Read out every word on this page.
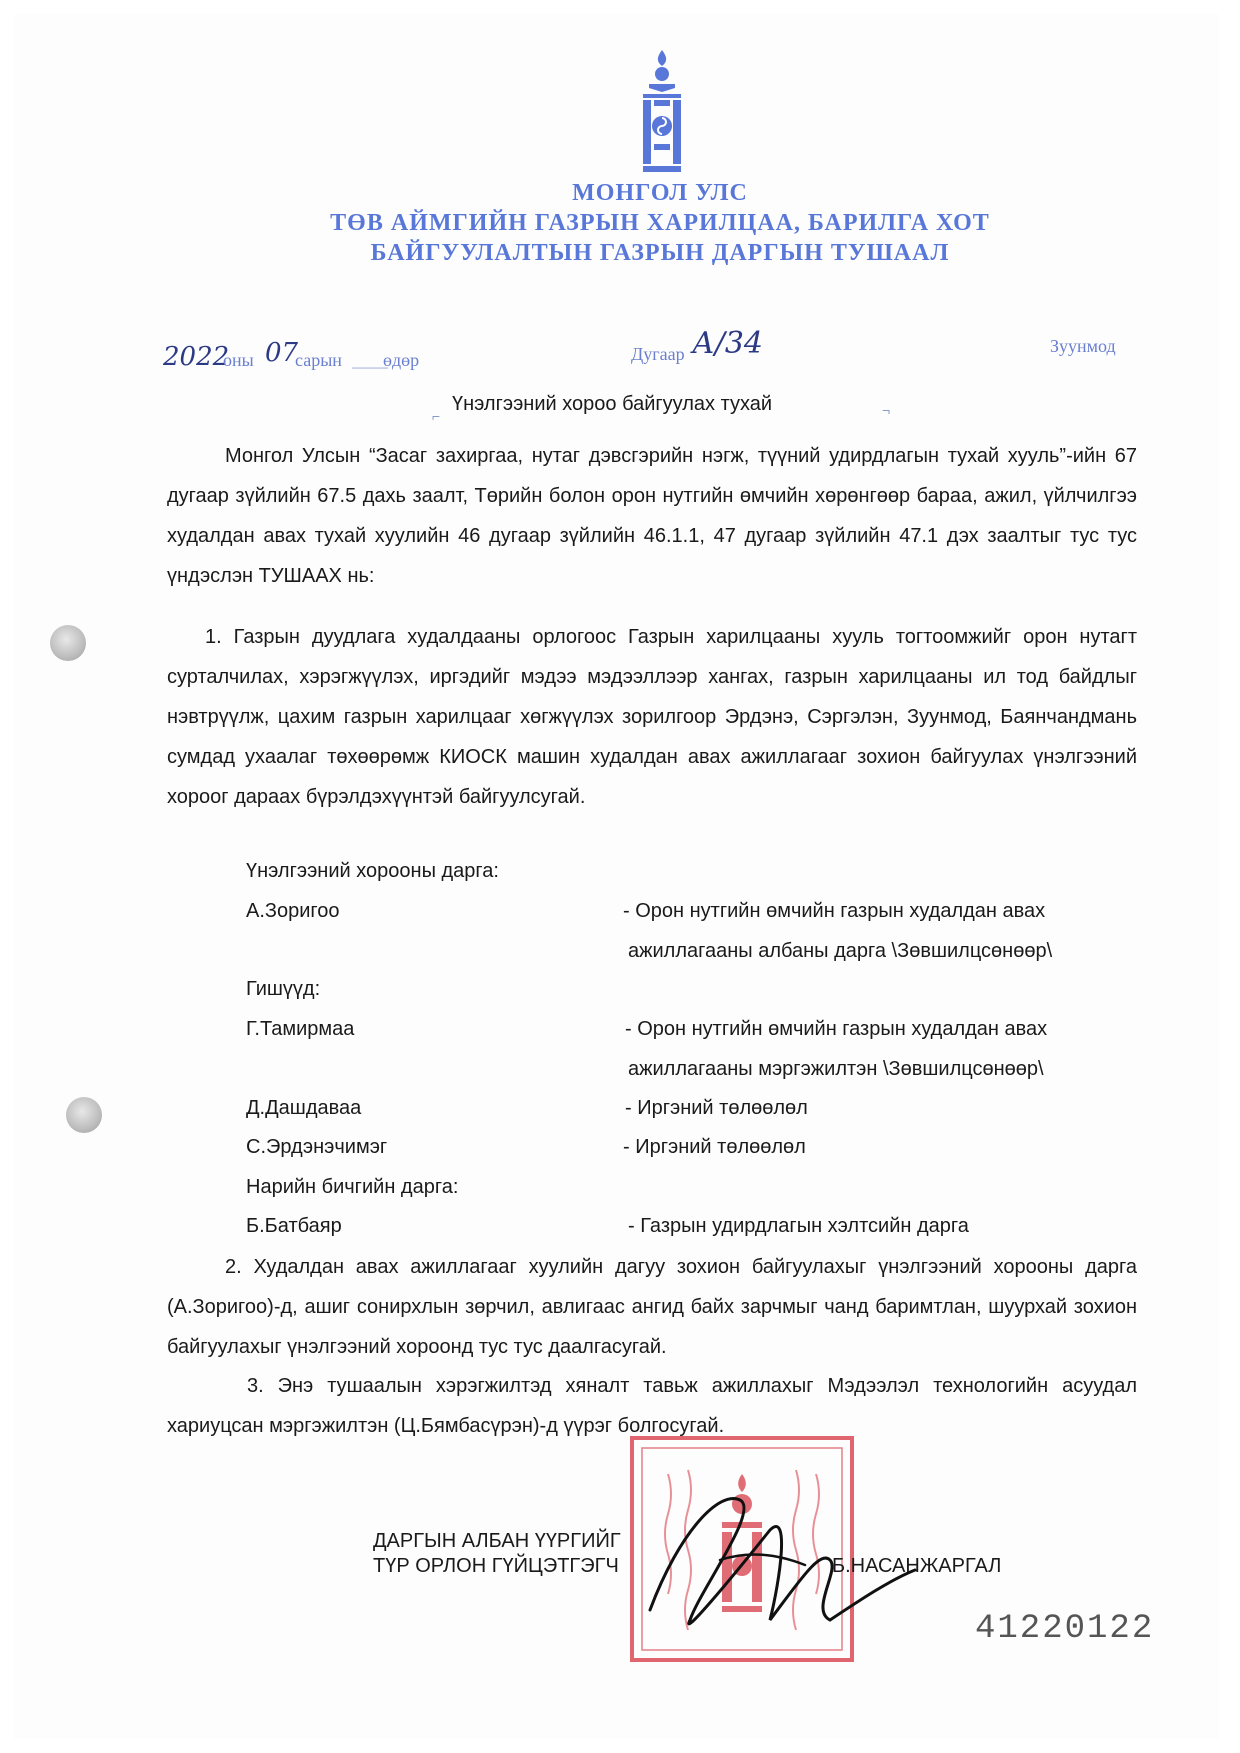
МОНГОЛ УЛС
ТӨВ АЙМГИЙН ГАЗРЫН ХАРИЛЦАА, БАРИЛГА ХОТ
БАЙГУУЛАЛТЫН ГАЗРЫН ДАРГЫН ТУШААЛ
2022
оны 07
сарын ____
өдөр	Дугаар А/34	Зуунмод
⌐
Үнэлгээний хороо байгуулах тухай	¬

Монгол Улсын “Засаг захиргаа, нутаг дэвсгэрийн нэгж, түүний удирдлагын тухай хууль”-ийн 67 дугаар зүйлийн 67.5 дахь заалт, Төрийн болон орон нутгийн өмчийн хөрөнгөөр бараа, ажил, үйлчилгээ худалдан авах тухай хуулийн 46 дугаар зүйлийн 46.1.1, 47 дугаар зүйлийн 47.1 дэх заалтыг тус тус үндэслэн ТУШААХ нь:

1. Газрын дуудлага худалдааны орлогоос Газрын харилцааны хууль тогтоомжийг орон нутагт сурталчилах, хэрэгжүүлэх, иргэдийг мэдээ мэдээллээр хангах, газрын харилцааны ил тод байдлыг нэвтрүүлж, цахим газрын харилцааг хөгжүүлэх зорилгоор Эрдэнэ, Сэргэлэн, Зуунмод, Баянчандмань сумдад ухаалаг төхөөрөмж КИОСК машин худалдан авах ажиллагааг зохион байгуулах үнэлгээний хороог дараах бүрэлдэхүүнтэй байгуулсугай.

Үнэлгээний хорооны дарга:
А.Зоригоо	- Орон нутгийн өмчийн газрын худалдан авах
ажиллагааны албаны дарга \Зөвшилцсөнөөр\
Гишүүд:
Г.Тамирмаа	- Орон нутгийн өмчийн газрын худалдан авах
ажиллагааны мэргэжилтэн \Зөвшилцсөнөөр\
Д.Дашдаваа	- Иргэний төлөөлөл
С.Эрдэнэчимэг	- Иргэний төлөөлөл
Нарийн бичгийн дарга:
Б.Батбаяр	- Газрын удирдлагын хэлтсийн дарга

2. Худалдан авах ажиллагааг хуулийн дагуу зохион байгуулахыг үнэлгээний хорооны дарга (А.Зоригоо)-д, ашиг сонирхлын зөрчил, авлигаас ангид байх зарчмыг чанд баримтлан, шуурхай зохион байгуулахыг үнэлгээний хороонд тус тус даалгасугай.

3. Энэ тушаалын хэрэгжилтэд хяналт тавьж ажиллахыг Мэдээлэл технологийн асуудал хариуцсан мэргэжилтэн (Ц.Бямбасүрэн)-д үүрэг болгосугай.

ДАРГЫН АЛБАН ҮҮРГИЙГ
ТҮР ОРЛОН ГҮЙЦЭТГЭГЧ	Б.НАСАНЖАРГАЛ
41220122
